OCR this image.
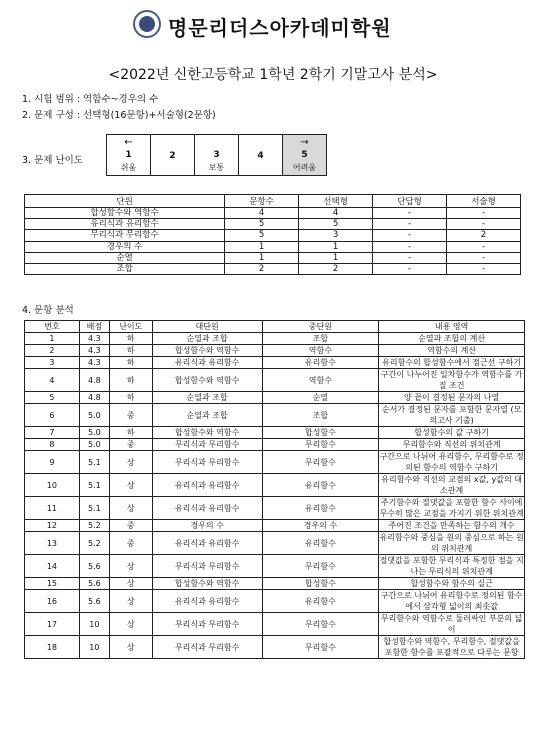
명문리더스아카데미학원
<2022년 신한고등학교 1학년 2학기 기말고사 분석>
1. 시험 범위 : 역함수~경우의 수
2. 문제 구성 : 선택형(16문항)+서술형(2문항)
3. 문제 난이도
←
1
쉬움

2	3
보통

4

→
5
어려움
단원	문항수	선택형	단답형	서술형
합성함수와 역함수	4	4	-	-
유리식과 유리함수	5	5	-	-
무리식과 무리함수	5	3	-	2
경우의 수	1	1	-	-
순열	1	1	-	-
조합	2	2	-	-
4. 문항 분석
번호	배점	난이도	대단원	중단원	내용 영역
1	4.3	하	순열과 조합	조합	순열과 조합의 계산
2	4.3	하	합성함수와 역함수	역함수	역함수의 계산
3	4.3	하	유리식과 유리함수	유리함수	유리함수의 합성함수에서 점근선 구하기
4	4.8	하	합성함수와 역함수	역함수	구간이 나누어진 일차함수가 역함수를 가질 조건
5	4.8	하	순열과 조합	순열	양 끝이 결정된 문자의 나열
6	5.0	중	순열과 조합	조합	순서가 결정된 문자를 포함한 문자열 (모의고사 기출)
7	5.0	하	합성함수와 역함수	합성함수	합성함수의 값 구하기
8	5.0	중	무리식과 무리함수	무리함수	무리함수와 직선의 위치관계
9	5.1	상	무리식과 무리함수	무리함수	구간으로 나뉘어 유리함수, 무리함수로 정의된 함수의 역함수 구하기
10	5.1	상	유리식과 유리함수	유리함수	유리함수와 직선의 교점의 x값, y값의 대소관계
11	5.1	상	유리식과 유리함수	유리함수	주기함수와 절댓값을 포함한 함수 사이에 무수히 많은 교점을 가지기 위한 위치관계
12	5.2	중	경우의 수	경우의 수	주어진 조건을 만족하는 함수의 개수
13	5.2	중	유리식과 유리함수	유리함수	유리함수와 중심을 원의 중심으로 하는 원의 위치관계
14	5.6	상	무리식과 무리함수	무리함수	절댓값을 포함한 무리식과 특정한 점을 지나는 무리식의 위치관계
15	5.6	상	합성함수와 역함수	합성함수	합성함수와 함수의 실근
16	5.6	상	유리식과 유리함수	유리함수	구간으로 나뉘어 유리함수로 정의된 함수에서 삼각형 넓이의 최솟값
17	10	상	무리식과 무리함수	무리함수	무리함수와 역함수로 둘러싸인 부분의 넓이
18	10	상	무리식과 무리함수	무리함수	합성함수와 역함수, 무리함수, 절댓값을 포함한 함수를 포괄적으로 다루는 문항
